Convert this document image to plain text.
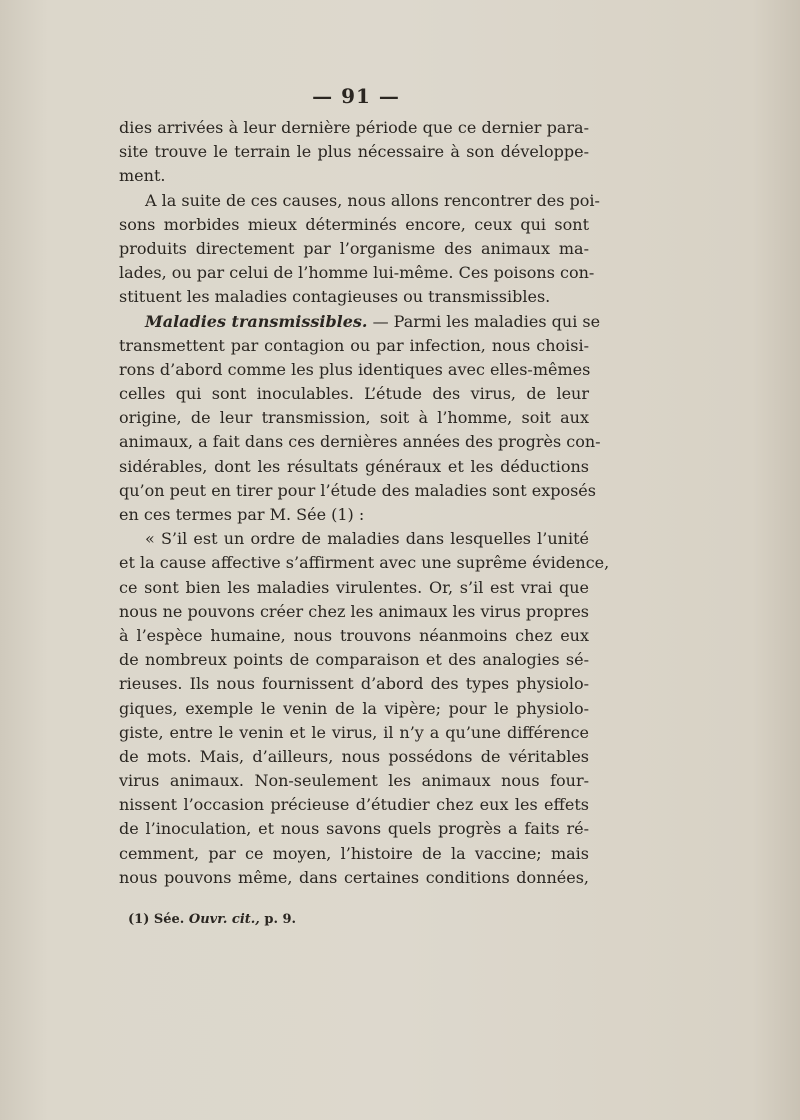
— 91 —
dies arrivées à leur dernière période que ce dernier para-
site trouve le terrain le plus nécessaire à son développe-
ment.
A la suite de ces causes, nous allons rencontrer des poi-
sons morbides mieux déterminés encore, ceux qui sont
produits directement par l’organisme des animaux ma-
lades, ou par celui de l’homme lui-même. Ces poisons con-
stituent les maladies contagieuses ou transmissibles.
Maladies transmissibles. — Parmi les maladies qui se
transmettent par contagion ou par infection, nous choisi-
rons d’abord comme les plus identiques avec elles-mêmes
celles qui sont inoculables. L’étude des virus, de leur
origine, de leur transmission, soit à l’homme, soit aux
animaux, a fait dans ces dernières années des progrès con-
sidérables, dont les résultats généraux et les déductions
qu’on peut en tirer pour l’étude des maladies sont exposés
en ces termes par M. Sée (1) :
« S’il est un ordre de maladies dans lesquelles l’unité
et la cause affective s’affirment avec une suprême évidence,
ce sont bien les maladies virulentes. Or, s’il est vrai que
nous ne pouvons créer chez les animaux les virus propres
à l’espèce humaine, nous trouvons néanmoins chez eux
de nombreux points de comparaison et des analogies sé-
rieuses. Ils nous fournissent d’abord des types physiolo-
giques, exemple le venin de la vipère; pour le physiolo-
giste, entre le venin et le virus, il n’y a qu’une différence
de mots. Mais, d’ailleurs, nous possédons de véritables
virus animaux. Non-seulement les animaux nous four-
nissent l’occasion précieuse d’étudier chez eux les effets
de l’inoculation, et nous savons quels progrès a faits ré-
cemment, par ce moyen, l’histoire de la vaccine; mais
nous pouvons même, dans certaines conditions données,
(1) Sée. Ouvr. cit., p. 9.
